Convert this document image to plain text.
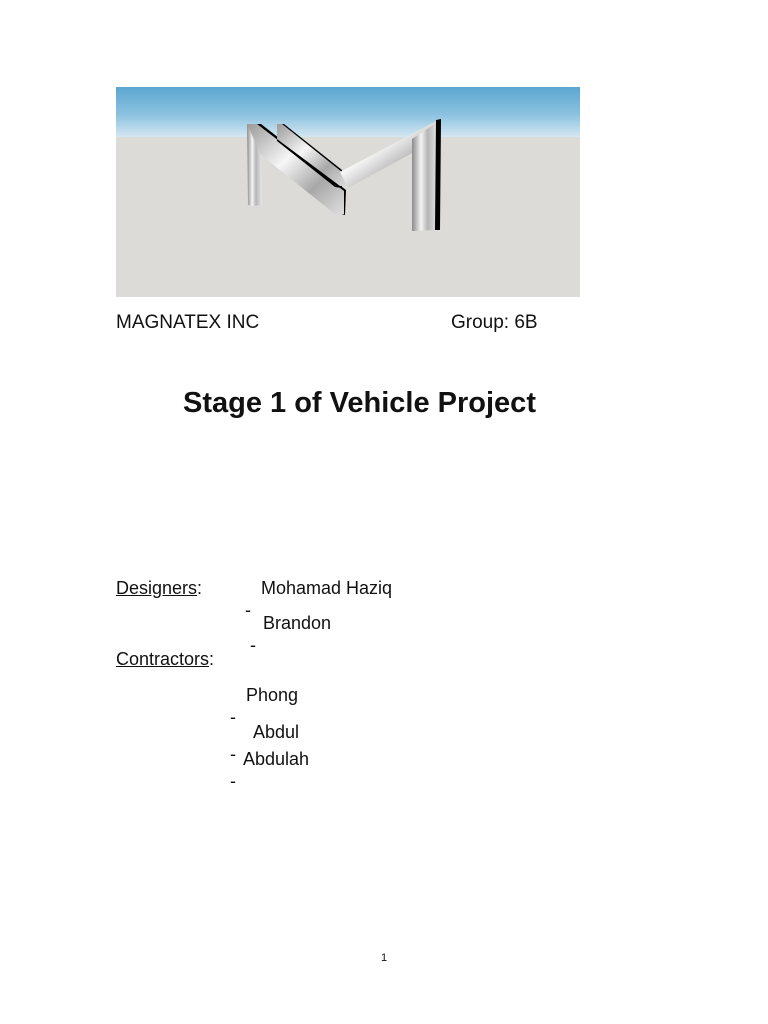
MAGNATEX INC	Group: 6B
Stage 1 of Vehicle Project
Designers:

-

Mohamad Haziq

-

Brandon
Contractors:

-

Phong

-

Abdul

-

Abdulah
1
